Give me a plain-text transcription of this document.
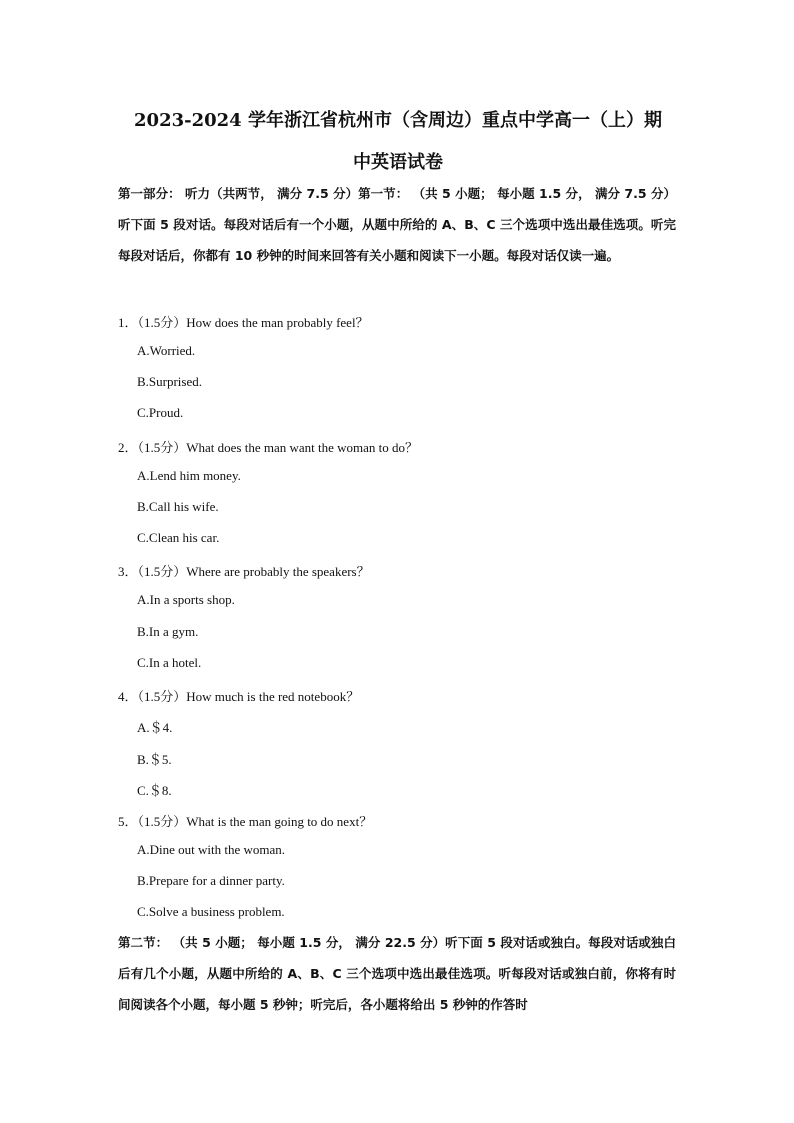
2023-2024 学年浙江省杭州市（含周边）重点中学高一（上）期
中英语试卷
第一部分： 听力（共两节， 满分 7.5 分）第一节： （共 5 小题； 每小题 1.5 分， 满分 7.5 分）听下面 5 段对话。每段对话后有一个小题，从题中所给的 A、B、C 三个选项中选出最佳选项。听完每段对话后，你都有 10 秒钟的时间来回答有关小题和阅读下一小题。每段对话仅读一遍。
1．（1.5分）How does the man probably feel？
A.Worried.
B.Surprised.
C.Proud.
2．（1.5分）What does the man want the woman to do？
A.Lend him money.
B.Call his wife.
C.Clean his car.
3．（1.5分）Where are probably the speakers？
A.In a sports shop.
B.In a gym.
C.In a hotel.
4．（1.5分）How much is the red notebook？
A.＄4.
B.＄5.
C.＄8.
5．（1.5分）What is the man going to do next？
A.Dine out with the woman.
B.Prepare for a dinner party.
C.Solve a business problem.
第二节： （共 5 小题； 每小题 1.5 分， 满分 22.5 分）听下面 5 段对话或独白。每段对话或独白后有几个小题，从题中所给的 A、B、C 三个选项中选出最佳选项。听每段对话或独白前，你将有时间阅读各个小题，每小题 5 秒钟；听完后，各小题将给出 5 秒钟的作答时
